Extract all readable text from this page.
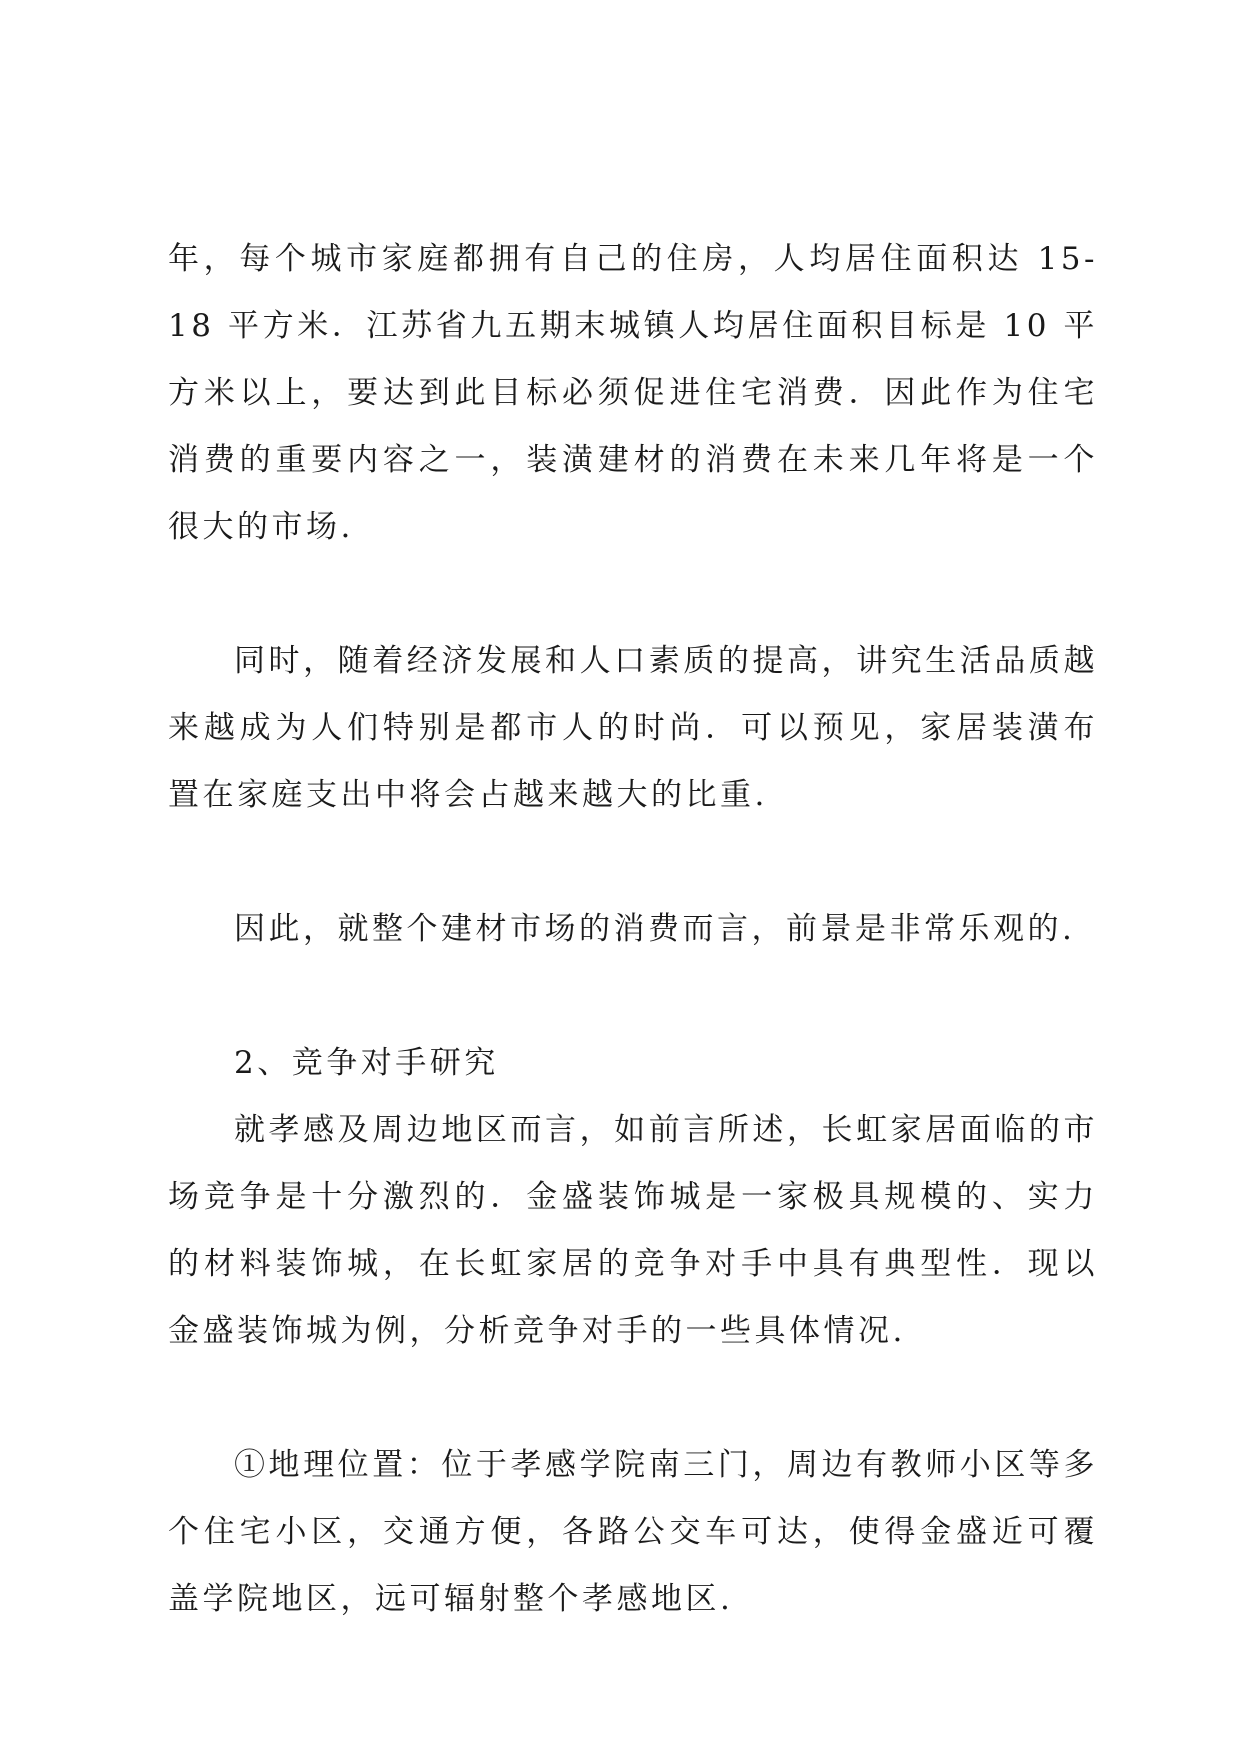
年，每个城市家庭都拥有自己的住房，人均居住面积达 15-18 平方米．江苏省九五期末城镇人均居住面积目标是 10 平方米以上，要达到此目标必须促进住宅消费．因此作为住宅消费的重要内容之一，装潢建材的消费在未来几年将是一个很大的市场.

同时，随着经济发展和人口素质的提高，讲究生活品质越来越成为人们特别是都市人的时尚．可以预见，家居装潢布置在家庭支出中将会占越来越大的比重.

因此，就整个建材市场的消费而言，前景是非常乐观的.

2、竞争对手研究

就孝感及周边地区而言，如前言所述，长虹家居面临的市场竞争是十分激烈的．金盛装饰城是一家极具规模的、实力的材料装饰城，在长虹家居的竞争对手中具有典型性．现以金盛装饰城为例，分析竞争对手的一些具体情况.

①地理位置：位于孝感学院南三门，周边有教师小区等多个住宅小区，交通方便，各路公交车可达，使得金盛近可覆盖学院地区，远可辐射整个孝感地区.
